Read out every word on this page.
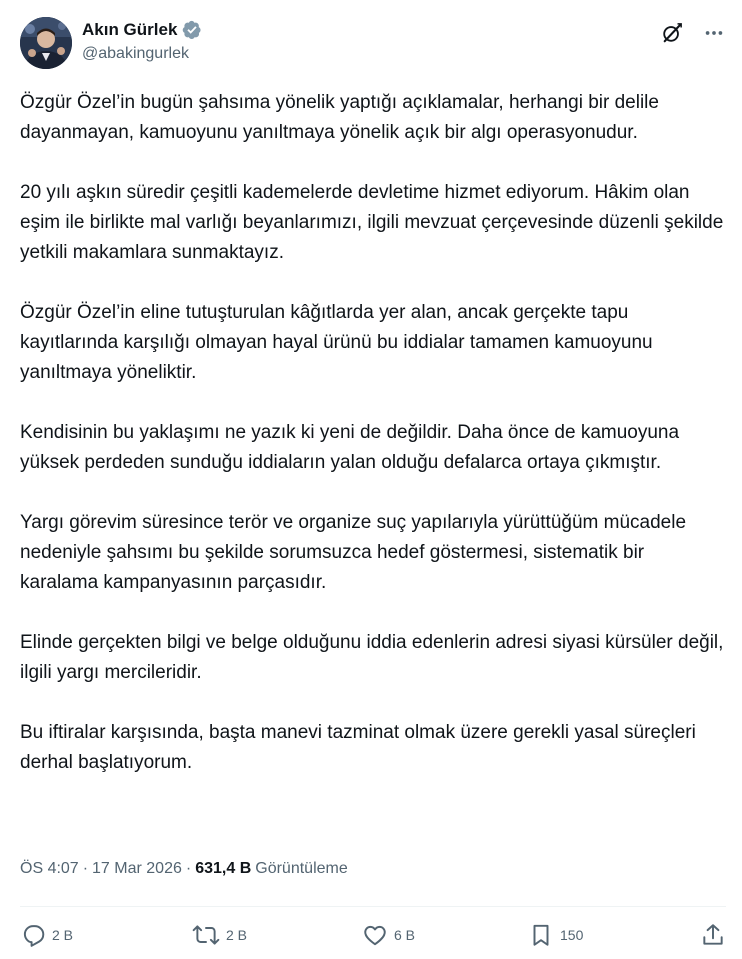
Akın Gürlek
@abakingurlek

Özgür Özel’in bugün şahsıma yönelik yaptığı açıklamalar, herhangi bir delile dayanmayan, kamuoyunu yanıltmaya yönelik açık bir algı operasyonudur.

20 yılı aşkın süredir çeşitli kademelerde devletime hizmet ediyorum. Hâkim olan eşim ile birlikte mal varlığı beyanlarımızı, ilgili mevzuat çerçevesinde düzenli şekilde yetkili makamlara sunmaktayız.

Özgür Özel’in eline tutuşturulan kâğıtlarda yer alan, ancak gerçekte tapu kayıtlarında karşılığı olmayan hayal ürünü bu iddialar tamamen kamuoyunu yanıltmaya yöneliktir.

Kendisinin bu yaklaşımı ne yazık ki yeni de değildir. Daha önce de kamuoyuna yüksek perdeden sunduğu iddiaların yalan olduğu defalarca ortaya çıkmıştır.

Yargı görevim süresince terör ve organize suç yapılarıyla yürüttüğüm mücadele nedeniyle şahsımı bu şekilde sorumsuzca hedef göstermesi, sistematik bir karalama kampanyasının parçasıdır.

Elinde gerçekten bilgi ve belge olduğunu iddia edenlerin adresi siyasi kürsüler değil, ilgili yargı mercileridir.

Bu iftiralar karşısında, başta manevi tazminat olmak üzere gerekli yasal süreçleri derhal başlatıyorum.

ÖS 4:07 · 17 Mar 2026 · 631,4 B Görüntüleme
2 B	2 B	6 B	150
